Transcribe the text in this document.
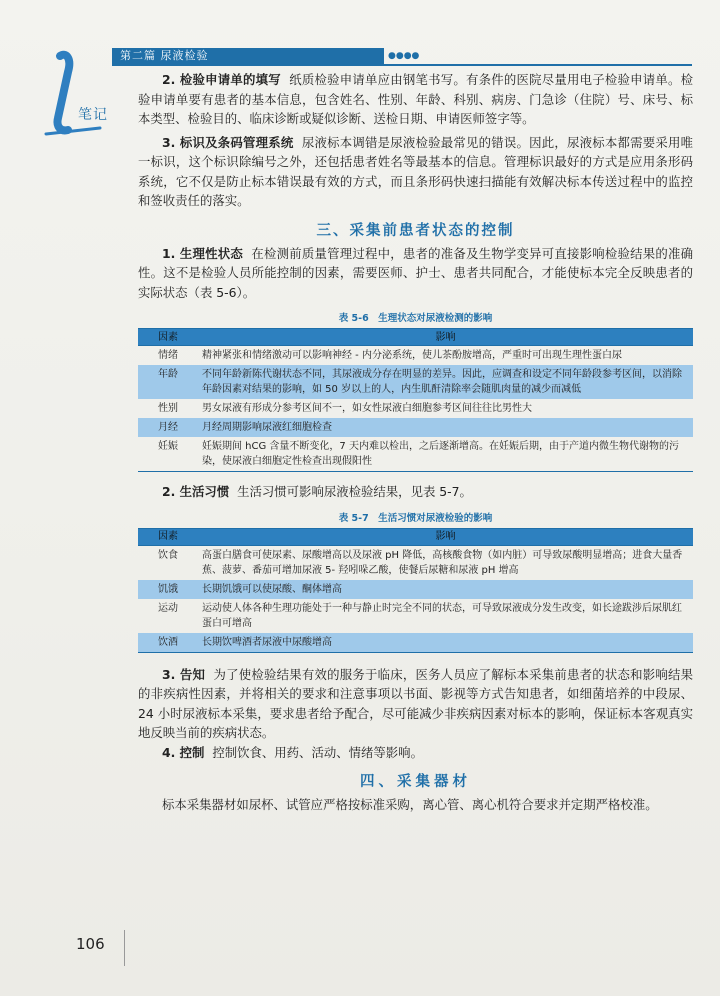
笔记
第二篇 尿液检验	●●●●

2. 检验申请单的填写 纸质检验申请单应由钢笔书写。有条件的医院尽量用电子检验申请单。检验申请单要有患者的基本信息，包含姓名、性别、年龄、科别、病房、门急诊（住院）号、床号、标本类型、检验目的、临床诊断或疑似诊断、送检日期、申请医师签字等。

3. 标识及条码管理系统 尿液标本调错是尿液检验最常见的错误。因此，尿液标本都需要采用唯一标识，这个标识除编号之外，还包括患者姓名等最基本的信息。管理标识最好的方式是应用条形码系统，它不仅是防止标本错误最有效的方式，而且条形码快速扫描能有效解决标本传送过程中的监控和签收责任的落实。

三、采集前患者状态的控制

1. 生理性状态 在检测前质量管理过程中，患者的准备及生物学变异可直接影响检验结果的准确性。这不是检验人员所能控制的因素，需要医师、护士、患者共同配合，才能使标本完全反映患者的实际状态（表 5-6）。

表 5-6　生理状态对尿液检测的影响
因素	影响
情绪	精神紧张和情绪激动可以影响神经 - 内分泌系统，使儿茶酚胺增高，严重时可出现生理性蛋白尿
年龄	不同年龄新陈代谢状态不同，其尿液成分存在明显的差异。因此，应调查和设定不同年龄段参考区间，以消除年龄因素对结果的影响，如 50 岁以上的人，内生肌酐清除率会随肌肉量的减少而减低
性别	男女尿液有形成分参考区间不一，如女性尿液白细胞参考区间往往比男性大
月经	月经周期影响尿液红细胞检查
妊娠	妊娠期间 hCG 含量不断变化，7 天内难以检出，之后逐渐增高。在妊娠后期，由于产道内微生物代谢物的污染，使尿液白细胞定性检查出现假阳性

2. 生活习惯 生活习惯可影响尿液检验结果，见表 5-7。

表 5-7　生活习惯对尿液检验的影响
因素	影响
饮食	高蛋白膳食可使尿素、尿酸增高以及尿液 pH 降低，高核酸食物（如内脏）可导致尿酸明显增高；进食大量香蕉、菠萝、番茄可增加尿液 5- 羟吲哚乙酸，使餐后尿糖和尿液 pH 增高
饥饿	长期饥饿可以使尿酸、酮体增高
运动	运动使人体各种生理功能处于一种与静止时完全不同的状态，可导致尿液成分发生改变，如长途跋涉后尿肌红蛋白可增高
饮酒	长期饮啤酒者尿液中尿酸增高

3. 告知 为了使检验结果有效的服务于临床，医务人员应了解标本采集前患者的状态和影响结果的非疾病性因素，并将相关的要求和注意事项以书面、影视等方式告知患者，如细菌培养的中段尿、24 小时尿液标本采集，要求患者给予配合，尽可能减少非疾病因素对标本的影响，保证标本客观真实地反映当前的疾病状态。

4. 控制 控制饮食、用药、活动、情绪等影响。

四、采集器材

标本采集器材如尿杯、试管应严格按标准采购，离心管、离心机符合要求并定期严格校准。

106
